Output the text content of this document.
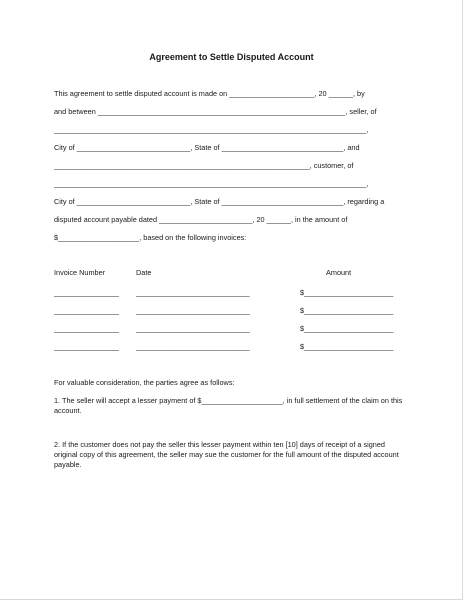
Agreement to Settle Disputed Account
This agreement to settle disputed account is made on _____________________, 20 ______, by
and between _____________________________________________________________, seller, of
_____________________________________________________________________________,
City of ____________________________, State of ______________________________, and
_______________________________________________________________, customer, of
_____________________________________________________________________________,
City of ____________________________, State of ______________________________, regarding a
disputed account payable dated _______________________, 20 ______, in the amount of
$____________________, based on the following invoices:
Invoice Number	Date	Amount
________________ ____________________________	$______________________
________________ ____________________________	$______________________
________________ ____________________________	$______________________
________________ ____________________________	$______________________
For valuable consideration, the parties agree as follows:
1. The seller will accept a lesser payment of $____________________, in full settlement of the claim on this account.
2. If the customer does not pay the seller this lesser payment within ten [10] days of receipt of a signed original copy of this agreement, the seller may sue the customer for the full amount of the disputed account payable.
